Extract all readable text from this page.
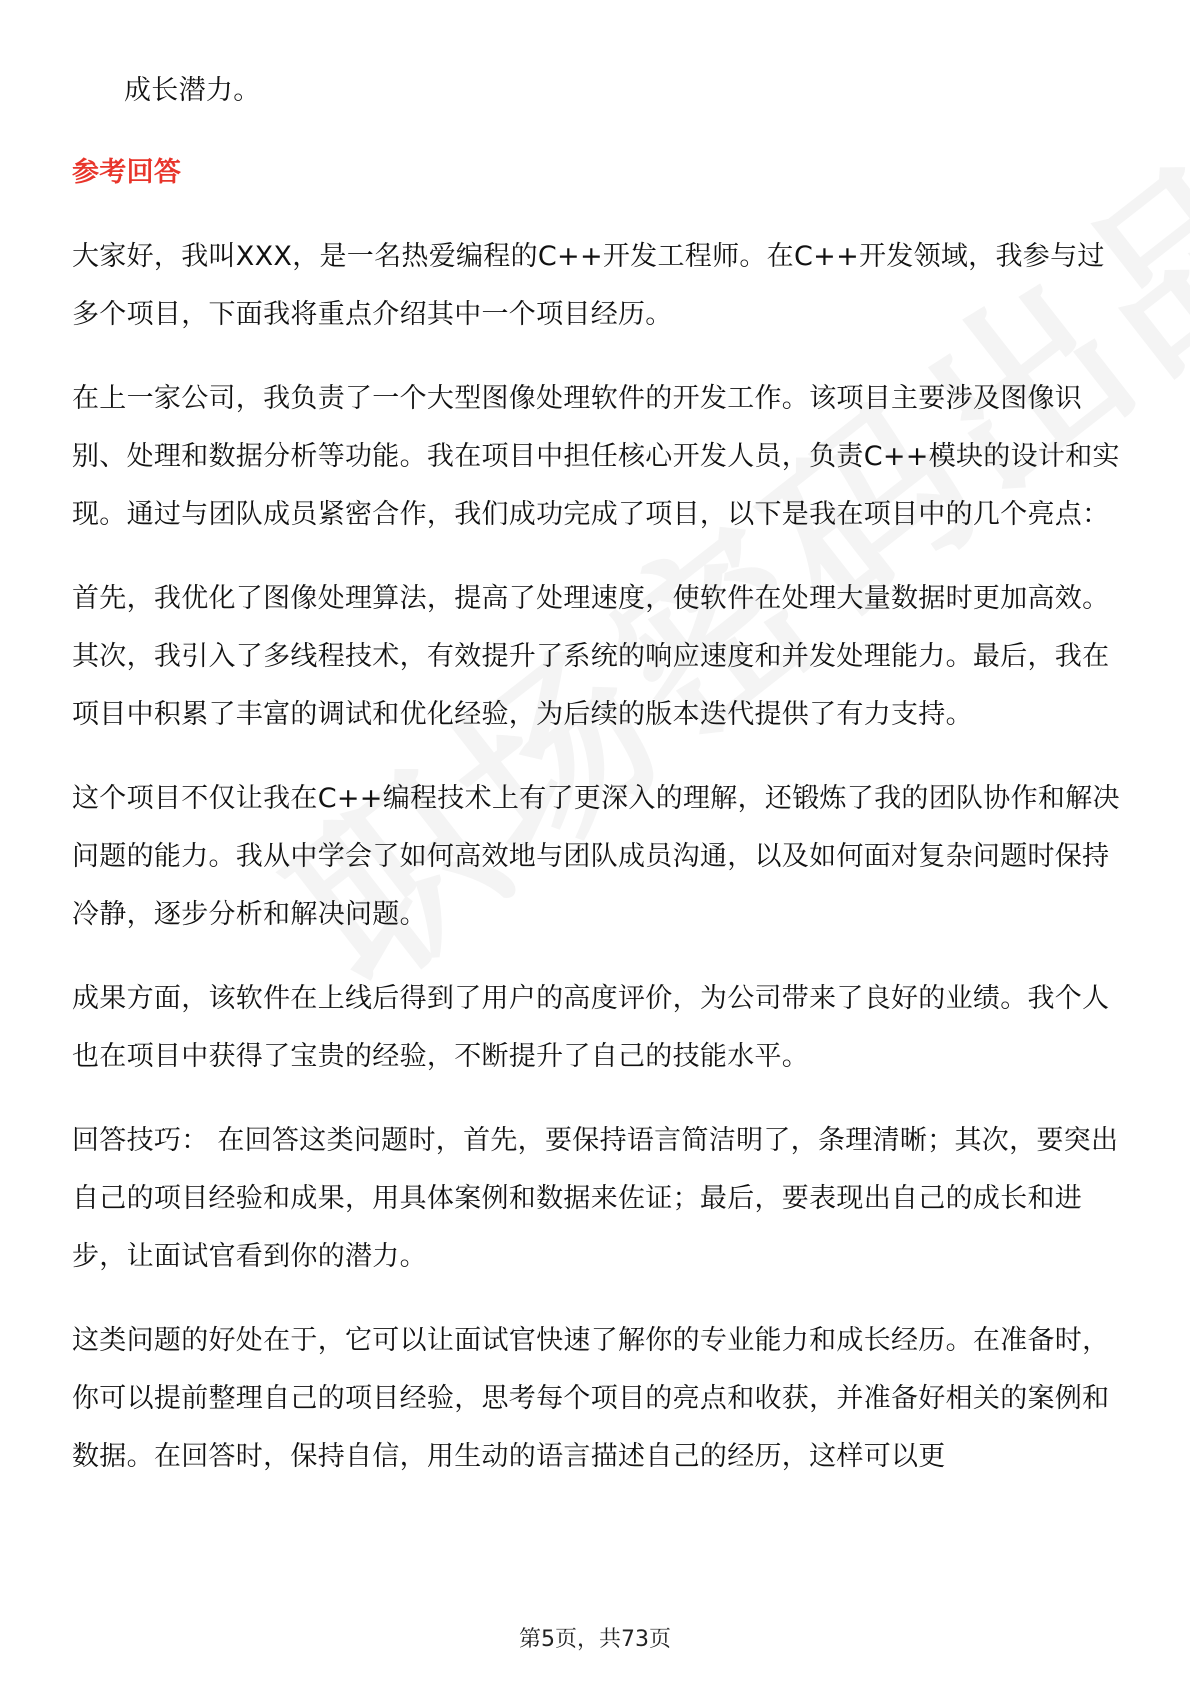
成长潜力。

参考回答

大家好，我叫XXX，是一名热爱编程的C++开发工程师。在C++开发领域，我参与过多个项目，下面我将重点介绍其中一个项目经历。

在上一家公司，我负责了一个大型图像处理软件的开发工作。该项目主要涉及图像识别、处理和数据分析等功能。我在项目中担任核心开发人员，负责C++模块的设计和实现。通过与团队成员紧密合作，我们成功完成了项目，以下是我在项目中的几个亮点：

首先，我优化了图像处理算法，提高了处理速度，使软件在处理大量数据时更加高效。其次，我引入了多线程技术，有效提升了系统的响应速度和并发处理能力。最后，我在项目中积累了丰富的调试和优化经验，为后续的版本迭代提供了有力支持。

这个项目不仅让我在C++编程技术上有了更深入的理解，还锻炼了我的团队协作和解决问题的能力。我从中学会了如何高效地与团队成员沟通，以及如何面对复杂问题时保持冷静，逐步分析和解决问题。

成果方面，该软件在上线后得到了用户的高度评价，为公司带来了良好的业绩。我个人也在项目中获得了宝贵的经验，不断提升了自己的技能水平。

回答技巧： 在回答这类问题时，首先，要保持语言简洁明了，条理清晰；其次，要突出自己的项目经验和成果，用具体案例和数据来佐证；最后，要表现出自己的成长和进步，让面试官看到你的潜力。

这类问题的好处在于，它可以让面试官快速了解你的专业能力和成长经历。在准备时，你可以提前整理自己的项目经验，思考每个项目的亮点和收获，并准备好相关的案例和数据。在回答时，保持自信，用生动的语言描述自己的经历，这样可以更

第5页，共73页
